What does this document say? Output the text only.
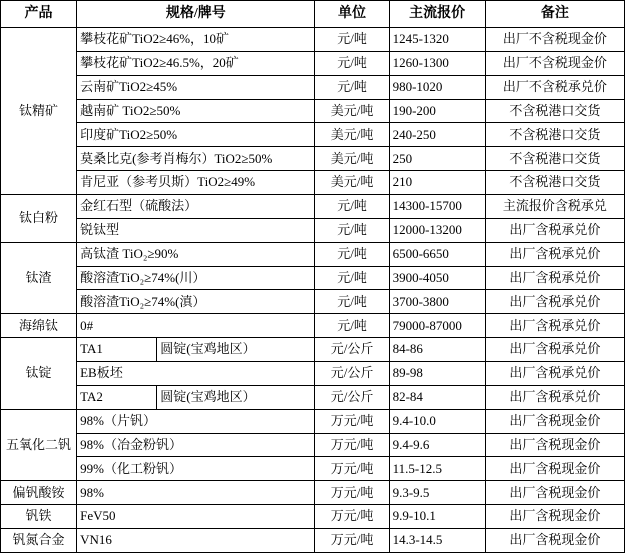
产品	规格/牌号		单位	主流报价	备注
钛精矿	攀枝花矿TiO2≥46%，10矿		元/吨	1245-1320	出厂不含税现金价
	攀枝花矿TiO2≥46.5%，20矿		元/吨	1260-1300	出厂不含税现金价
	云南矿TiO2≥45%		元/吨	980-1020	出厂不含税承兑价
	越南矿 TiO2≥50%		美元/吨	190-200	不含税港口交货
	印度矿TiO2≥50%		美元/吨	240-250	不含税港口交货
	莫桑比克(参考肖梅尔）TiO2≥50%		美元/吨	250	不含税港口交货
	肯尼亚（参考贝斯）TiO2≥49%		美元/吨	210	不含税港口交货
钛白粉	金红石型（硫酸法）		元/吨	14300-15700	主流报价含税承兑
	锐钛型		元/吨	12000-13200	出厂含税承兑价
钛渣	高钛渣 TiO₂≥90%		元/吨	6500-6650	出厂含税承兑价
	酸溶渣TiO₂≥74%(川）		元/吨	3900-4050	出厂含税承兑价
	酸溶渣TiO₂≥74%(滇）		元/吨	3700-3800	出厂含税承兑价
海绵钛	0#		元/吨	79000-87000	出厂含税承兑价
钛锭	TA1	圆锭(宝鸡地区）	元/公斤	84-86	出厂含税承兑价
	EB板坯		元/公斤	89-98	出厂含税承兑价
	TA2	圆锭(宝鸡地区）	元/公斤	82-84	出厂含税承兑价
五氧化二钒	98%（片钒）		万元/吨	9.4-10.0	出厂含税现金价
	98%（冶金粉钒）		万元/吨	9.4-9.6	出厂含税现金价
	99%（化工粉钒）		万元/吨	11.5-12.5	出厂含税现金价
偏钒酸铵	98%		万元/吨	9.3-9.5	出厂含税现金价
钒铁	FeV50		万元/吨	9.9-10.1	出厂含税现金价
钒氮合金	VN16		万元/吨	14.3-14.5	出厂含税现金价
